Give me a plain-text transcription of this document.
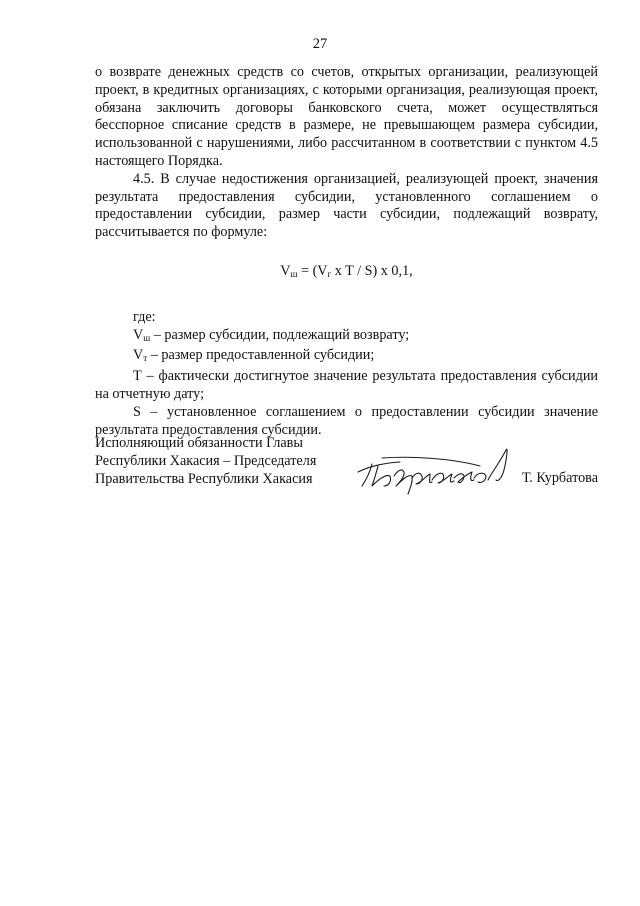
27

о возврате денежных средств со счетов, открытых организации, реализующей проект, в кредитных организациях, с которыми организация, реализующая проект, обязана заключить договоры банковского счета, может осуществляться бесспорное списание средств в размере, не превышающем размера субсидии, использованной с нарушениями, либо рассчитанном в соответствии с пунктом 4.5 настоящего Порядка.

4.5. В случае недостижения организацией, реализующей проект, значения результата предоставления субсидии, установленного соглашением о предоставлении субсидии, размер части субсидии, подлежащий возврату, рассчитывается по формуле:

$V_ш = (V_г$ x T / S) x 0,1,

где:

$V_ш$ – размер субсидии, подлежащий возврату;

$V_т$ – размер предоставленной субсидии;

Т – фактически достигнутое значение результата предоставления субсидии на отчетную дату;

S – установленное соглашением о предоставлении субсидии значение результата предоставления субсидии.

Исполняющий обязанности Главы
Республики Хакасия – Председателя
Правительства Республики Хакасия	Т. Курбатова
